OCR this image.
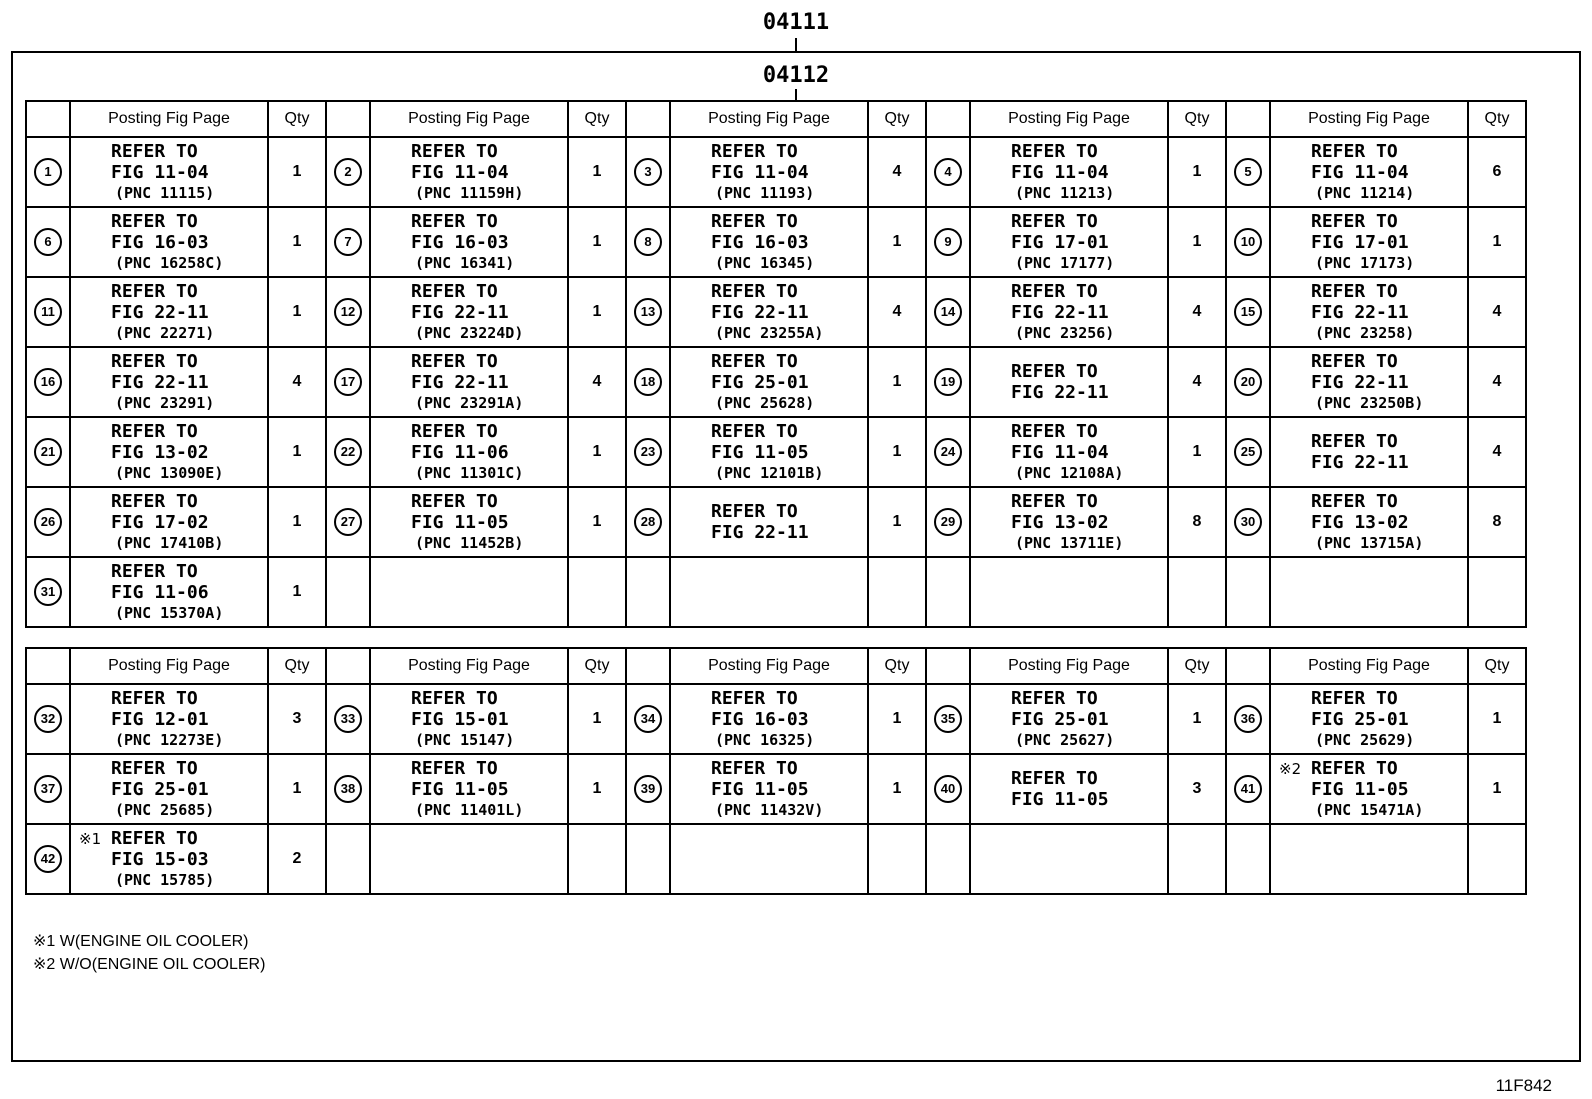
04111
04112
	Posting Fig Page	Qty		Posting Fig Page	Qty		Posting Fig Page	Qty		Posting Fig Page	Qty		Posting Fig Page	Qty
1	REFER TO
FIG 11-04
(PNC 11115)	1	2	REFER TO
FIG 11-04
(PNC 11159H)	1	3	REFER TO
FIG 11-04
(PNC 11193)	4	4	REFER TO
FIG 11-04
(PNC 11213)	1	5	REFER TO
FIG 11-04
(PNC 11214)	6
6	REFER TO
FIG 16-03
(PNC 16258C)	1	7	REFER TO
FIG 16-03
(PNC 16341)	1	8	REFER TO
FIG 16-03
(PNC 16345)	1	9	REFER TO
FIG 17-01
(PNC 17177)	1	10	REFER TO
FIG 17-01
(PNC 17173)	1
11	REFER TO
FIG 22-11
(PNC 22271)	1	12	REFER TO
FIG 22-11
(PNC 23224D)	1	13	REFER TO
FIG 22-11
(PNC 23255A)	4	14	REFER TO
FIG 22-11
(PNC 23256)	4	15	REFER TO
FIG 22-11
(PNC 23258)	4
16	REFER TO
FIG 22-11
(PNC 23291)	4	17	REFER TO
FIG 22-11
(PNC 23291A)	4	18	REFER TO
FIG 25-01
(PNC 25628)	1	19	REFER TO
FIG 22-11	4	20	REFER TO
FIG 22-11
(PNC 23250B)	4
21	REFER TO
FIG 13-02
(PNC 13090E)	1	22	REFER TO
FIG 11-06
(PNC 11301C)	1	23	REFER TO
FIG 11-05
(PNC 12101B)	1	24	REFER TO
FIG 11-04
(PNC 12108A)	1	25	REFER TO
FIG 22-11	4
26	REFER TO
FIG 17-02
(PNC 17410B)	1	27	REFER TO
FIG 11-05
(PNC 11452B)	1	28	REFER TO
FIG 22-11	1	29	REFER TO
FIG 13-02
(PNC 13711E)	8	30	REFER TO
FIG 13-02
(PNC 13715A)	8
31	REFER TO
FIG 11-06
(PNC 15370A)	1												
	Posting Fig Page	Qty		Posting Fig Page	Qty		Posting Fig Page	Qty		Posting Fig Page	Qty		Posting Fig Page	Qty
32	REFER TO
FIG 12-01
(PNC 12273E)	3	33	REFER TO
FIG 15-01
(PNC 15147)	1	34	REFER TO
FIG 16-03
(PNC 16325)	1	35	REFER TO
FIG 25-01
(PNC 25627)	1	36	REFER TO
FIG 25-01
(PNC 25629)	1
37	REFER TO
FIG 25-01
(PNC 25685)	1	38	REFER TO
FIG 11-05
(PNC 11401L)	1	39	REFER TO
FIG 11-05
(PNC 11432V)	1	40	REFER TO
FIG 11-05	3	41	※2 REFER TO
FIG 11-05
(PNC 15471A)	1
42	※1 REFER TO
FIG 15-03
(PNC 15785)	2												
※1 W(ENGINE OIL COOLER)
※2 W/O(ENGINE OIL COOLER)
11F842
